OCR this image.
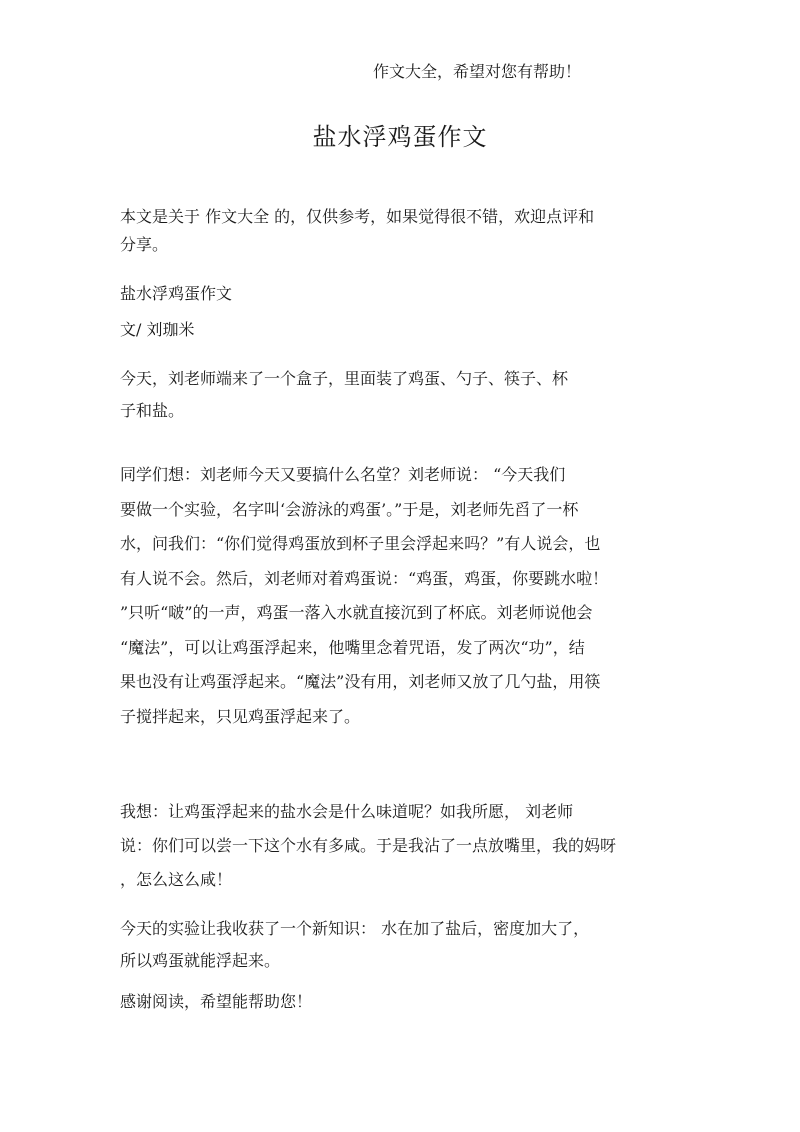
作文大全，希望对您有帮助！
盐水浮鸡蛋作文

本文是关于 作文大全 的，仅供参考，如果觉得很不错，欢迎点评和
分享。

盐水浮鸡蛋作文

文/ 刘珈米

今天，刘老师端来了一个盒子，里面装了鸡蛋、勺子、筷子、杯
子和盐。

同学们想：刘老师今天又要搞什么名堂？刘老师说： “今天我们
要做一个实验，名字叫‘会游泳的鸡蛋’。”于是，刘老师先舀了一杯
水，问我们：“你们觉得鸡蛋放到杯子里会浮起来吗？”有人说会，也
有人说不会。然后，刘老师对着鸡蛋说：“鸡蛋，鸡蛋，你要跳水啦！
”只听“啵”的一声，鸡蛋一落入水就直接沉到了杯底。刘老师说他会
“魔法”，可以让鸡蛋浮起来，他嘴里念着咒语，发了两次“功”，结
果也没有让鸡蛋浮起来。“魔法”没有用，刘老师又放了几勺盐，用筷
子搅拌起来，只见鸡蛋浮起来了。

我想：让鸡蛋浮起来的盐水会是什么味道呢？如我所愿， 刘老师
说：你们可以尝一下这个水有多咸。于是我沾了一点放嘴里，我的妈呀
，怎么这么咸！

今天的实验让我收获了一个新知识： 水在加了盐后，密度加大了，
所以鸡蛋就能浮起来。

感谢阅读，希望能帮助您！
